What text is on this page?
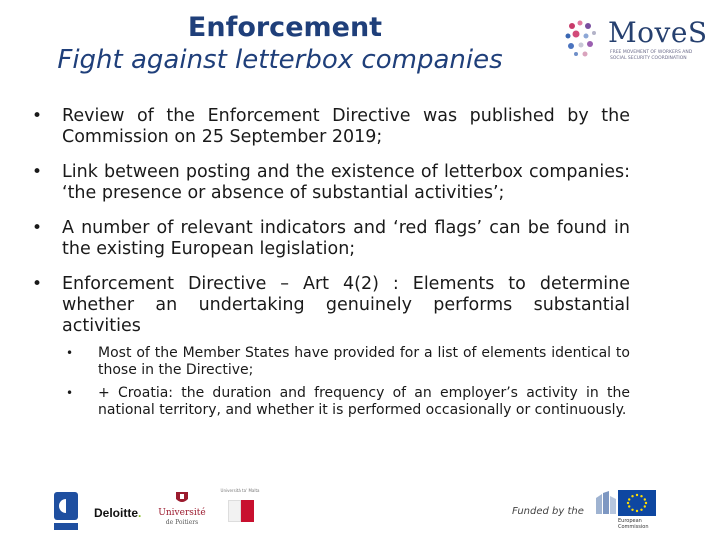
Enforcement
Fight against letterbox companies
MoveS
FREE MOVEMENT OF WORKERS AND SOCIAL SECURITY COORDINATION
•	Review of the Enforcement Directive was published by the Commission on 25 September 2019;
•	Link between posting and the existence of letterbox companies: ‘the presence or absence of substantial activities’;
•	A number of relevant indicators and ‘red flags’ can be found in the existing European legislation;
•	Enforcement Directive – Art 4(2) : Elements to determine whether an undertaking genuinely performs substantial activities
•	Most of the Member States have provided for a list of elements identical to those in the Directive;
•	+ Croatia: the duration and frequency of an employer’s activity in the national territory, and whether it is performed occasionally or continuously.
Deloitte.	Université
de Poitiers
Università ta' Malta
Funded by the
European Commission
